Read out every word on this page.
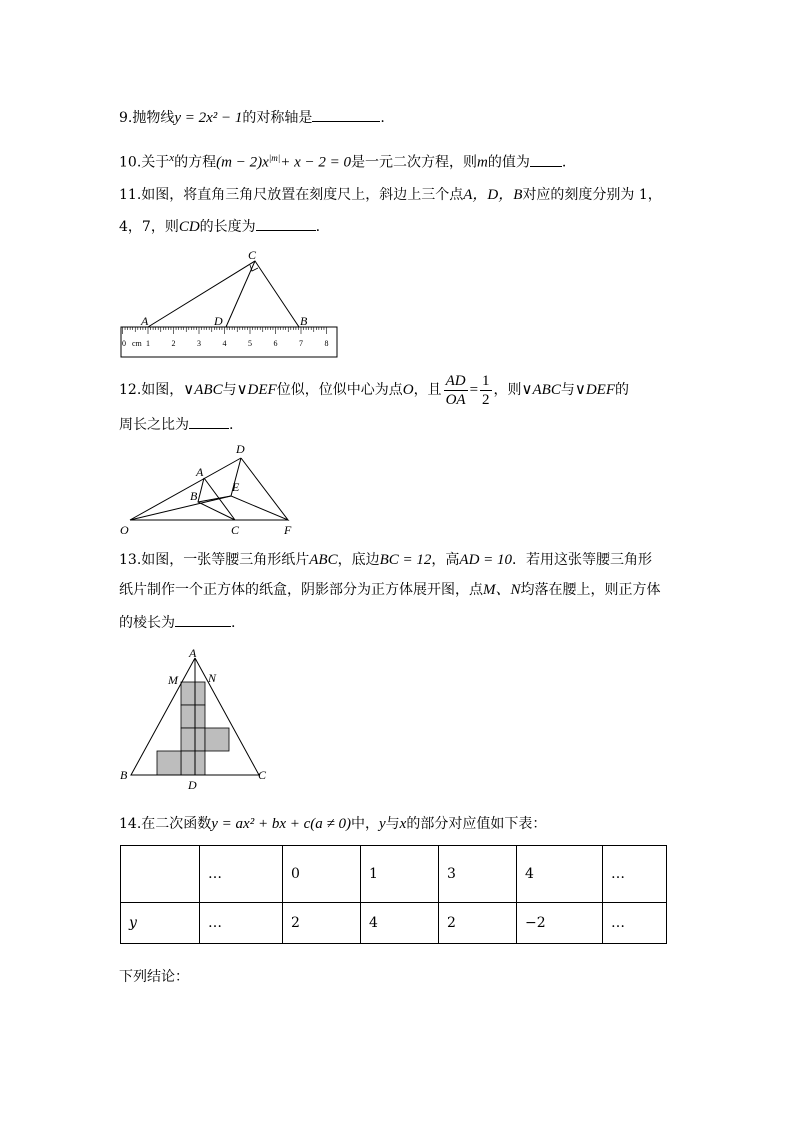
9.抛物线y = 2x² − 1的对称轴是	.
10.关于$^x$的方程$(m - 2)x^{|m|}+ x - 2 = 0$是一元二次方程，则m的值为 .
11.如图，将直角三角尺放置在刻度尺上，斜边上三个点A，D，B对应的刻度分别为 1，
4，7，则CD的长度为	.
1	2	3	4	5	6	7	8
0 cm
C
A	D	B
12.如图，∨ABC与∨DEF位似，位似中心为点O，且 $\frac{AD}{OA} = \frac{1}{2}$ ，则∨ABC与∨DEF的
周长之比为	.
D
A
E
B
O	C	F
13.如图，一张等腰三角形纸片ABC，底边BC = 12，高AD = 10．若用这张等腰三角形
纸片制作一个正方体的纸盒，阴影部分为正方体展开图，点M、N均落在腰上，则正方体
的棱长为	.
A
M	N
B
D
C
14.在二次函数y = ax² + bx + c(a ≠ 0)中，y与x的部分对应值如下表：
	…	0	1	3	4	…
y	…	2	4	2	−2	…
下列结论：
